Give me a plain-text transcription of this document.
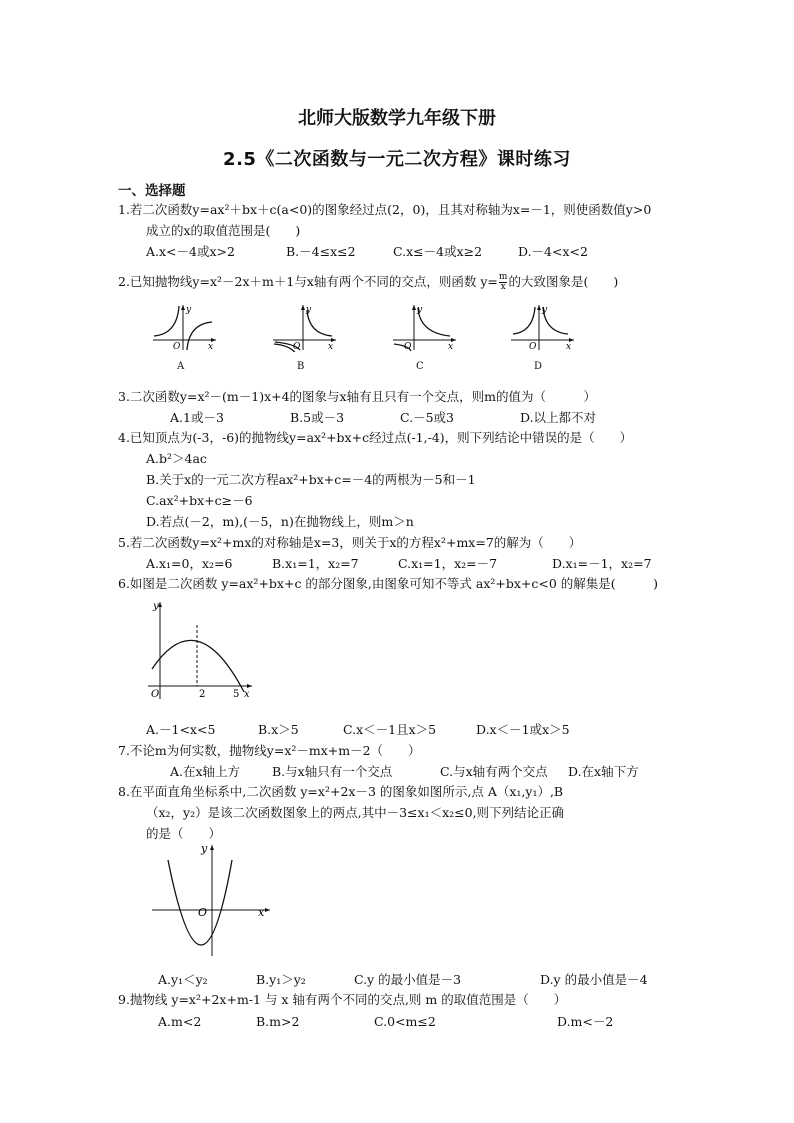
北师大版数学九年级下册
2.5《二次函数与一元二次方程》课时练习
一、选择题
1.若二次函数y=ax²＋bx＋c(a<0)的图象经过点(2，0)，且其对称轴为x=－1，则使函数值y>0
成立的x的取值范围是(　　)
A.x<－4或x>2	B.－4≤x≤2	C.x≤－4或x≥2	D.－4<x<2
2.已知抛物线y=x²－2x＋m＋1与x轴有两个不同的交点，则函数 $y= \frac{m}{x}$ 的大致图象是(　　)
y
x
O
y
x
O
y
x
O
y
x
O
A	B	C	D
3.二次函数y=x²－(m－1)x+4的图象与x轴有且只有一个交点，则m的值为（　　　）
A.1或－3	B.5或－3	C.－5或3	D.以上都不对
4.已知顶点为(-3，-6)的抛物线y=ax²+bx+c经过点(-1,-4)，则下列结论中错误的是（　　）
A.b²＞4ac
B.关于x的一元二次方程ax²+bx+c=－4的两根为－5和－1
C.ax²+bx+c≥－6
D.若点(－2，m),(－5，n)在抛物线上，则m＞n
5.若二次函数y=x²+mx的对称轴是x=3，则关于x的方程x²+mx=7的解为（　　）
A.x₁=0，x₂=6	B.x₁=1，x₂=7	C.x₁=1，x₂=－7	D.x₁=－1，x₂=7
6.如图是二次函数 y=ax²+bx+c 的部分图象,由图象可知不等式 ax²+bx+c<0 的解集是(　　　)
y
x
O	2	5
A.－1<x<5	B.x＞5	C.x＜－1且x＞5	D.x＜－1或x＞5
7.不论m为何实数，抛物线y=x²－mx+m－2（　　）
A.在x轴上方	B.与x轴只有一个交点	C.与x轴有两个交点 D.在x轴下方
8.在平面直角坐标系中,二次函数 y=x²+2x－3 的图象如图所示,点 A（x₁,y₁）,B
（x₂，y₂）是该二次函数图象上的两点,其中－3≤x₁＜x₂≤0,则下列结论正确
的是（　　）
y
x
O
A.y₁＜y₂	B.y₁＞y₂	C.y 的最小值是－3	D.y 的最小值是－4
9.抛物线 y=x²+2x+m-1 与 x 轴有两个不同的交点,则 m 的取值范围是（　　）
A.m<2	B.m>2	C.0<m≤2	D.m<－2
